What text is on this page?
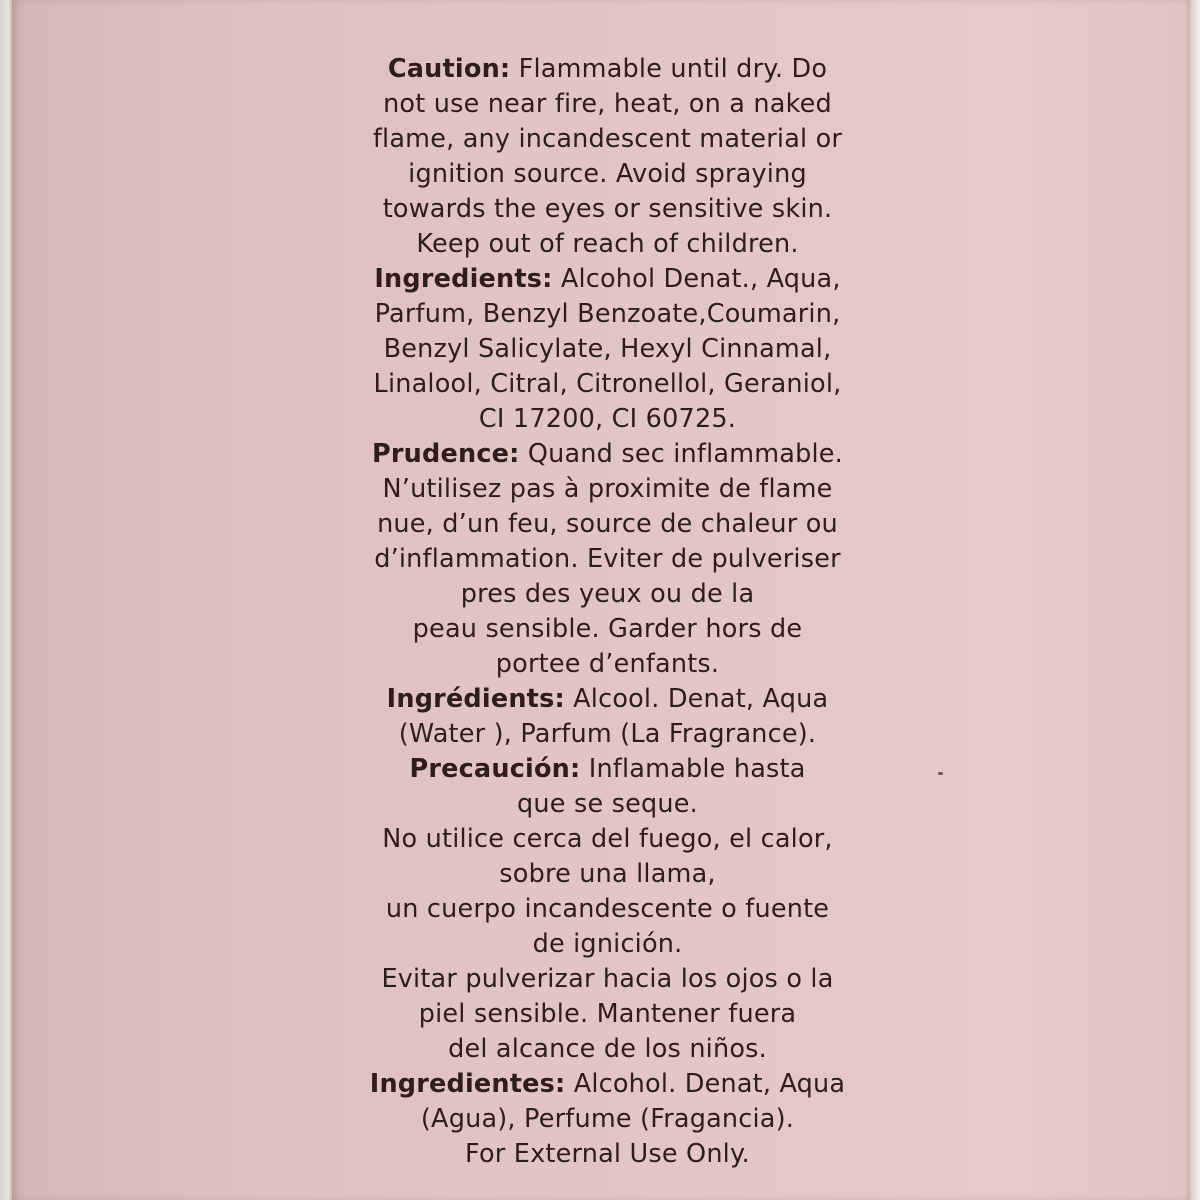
Caution: Flammable until dry. Do
not use near fire, heat, on a naked
flame, any incandescent material or
ignition source. Avoid spraying
towards the eyes or sensitive skin.
Keep out of reach of children.
Ingredients: Alcohol Denat., Aqua,
Parfum, Benzyl Benzoate,Coumarin,
Benzyl Salicylate, Hexyl Cinnamal,
Linalool, Citral, Citronellol, Geraniol,
CI 17200, CI 60725.
Prudence: Quand sec inflammable.
N’utilisez pas à proximite de flame
nue, d’un feu, source de chaleur ou
d’inflammation. Eviter de pulveriser
pres des yeux ou de la
peau sensible. Garder hors de
portee d’enfants.
Ingrédients: Alcool. Denat, Aqua
(Water ), Parfum (La Fragrance).
Precaución: Inflamable hasta
que se seque.
No utilice cerca del fuego, el calor,
sobre una llama,
un cuerpo incandescente o fuente
de ignición.
Evitar pulverizar hacia los ojos o la
piel sensible. Mantener fuera
del alcance de los niños.
Ingredientes: Alcohol. Denat, Aqua
(Agua), Perfume (Fragancia).
For External Use Only.
